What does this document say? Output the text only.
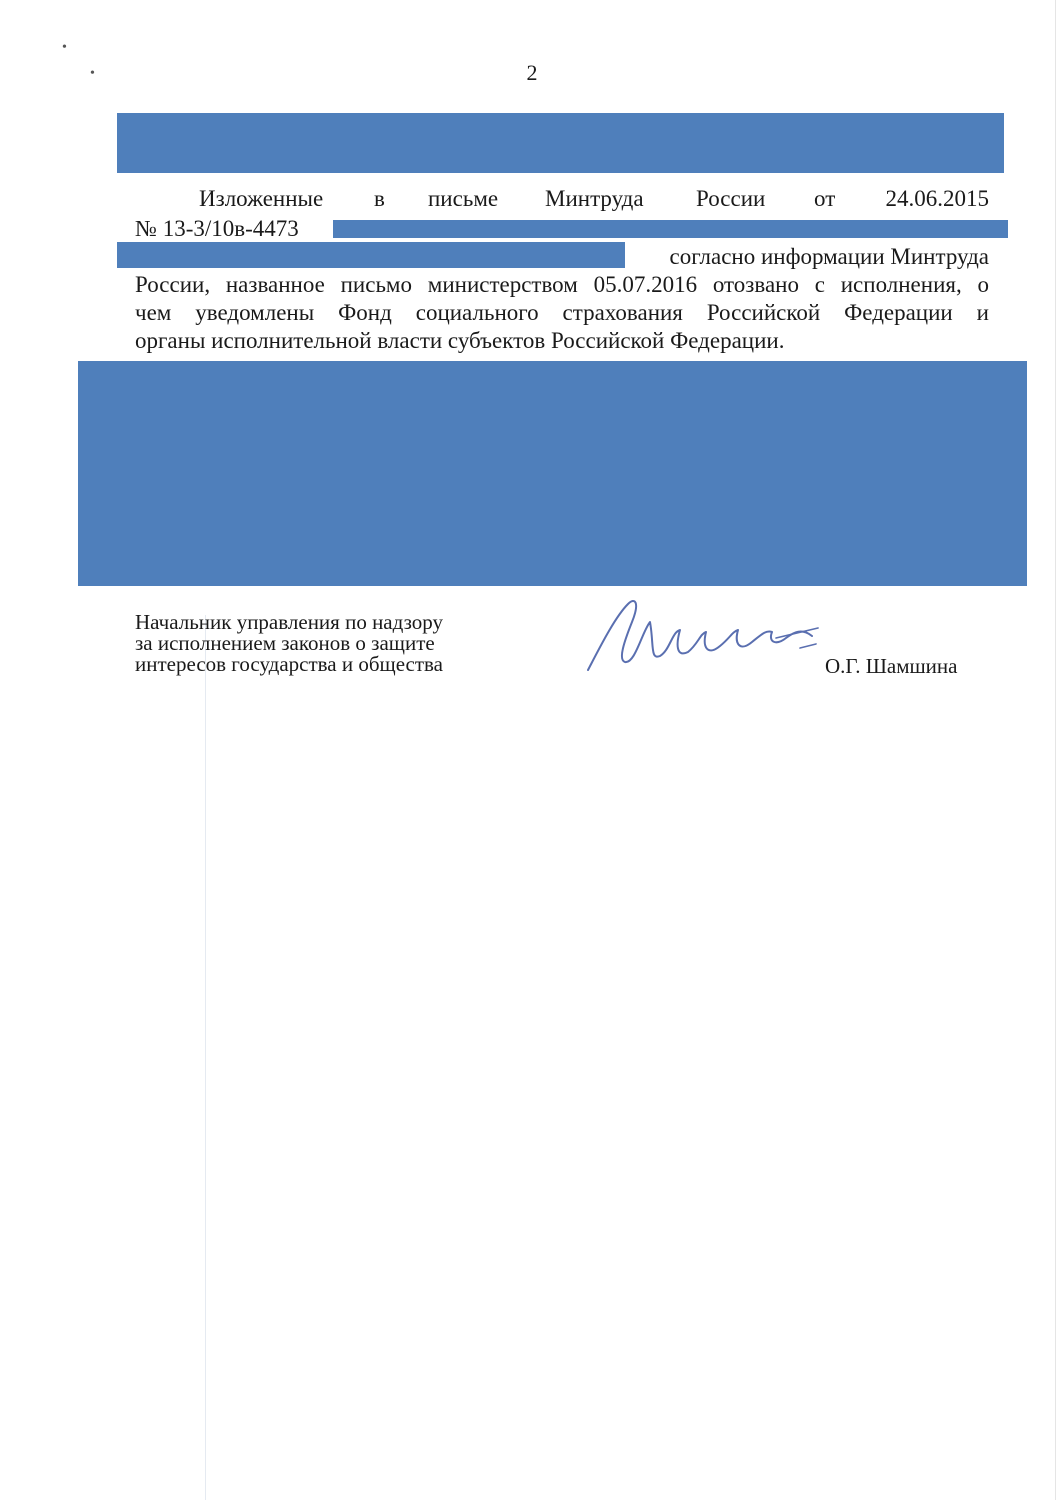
•
•	2
Изложенные в письме Минтруда России от 24.06.2015
№ 13-3/10в-4473
согласно информации Минтруда
России, названное письмо министерством 05.07.2016 отозвано с исполнения, о
чем уведомлены Фонд социального страхования Российской Федерации и
органы исполнительной власти субъектов Российской Федерации.
Начальник управления по надзору
за исполнением законов о защите
интересов государства и общества	О.Г. Шамшина
